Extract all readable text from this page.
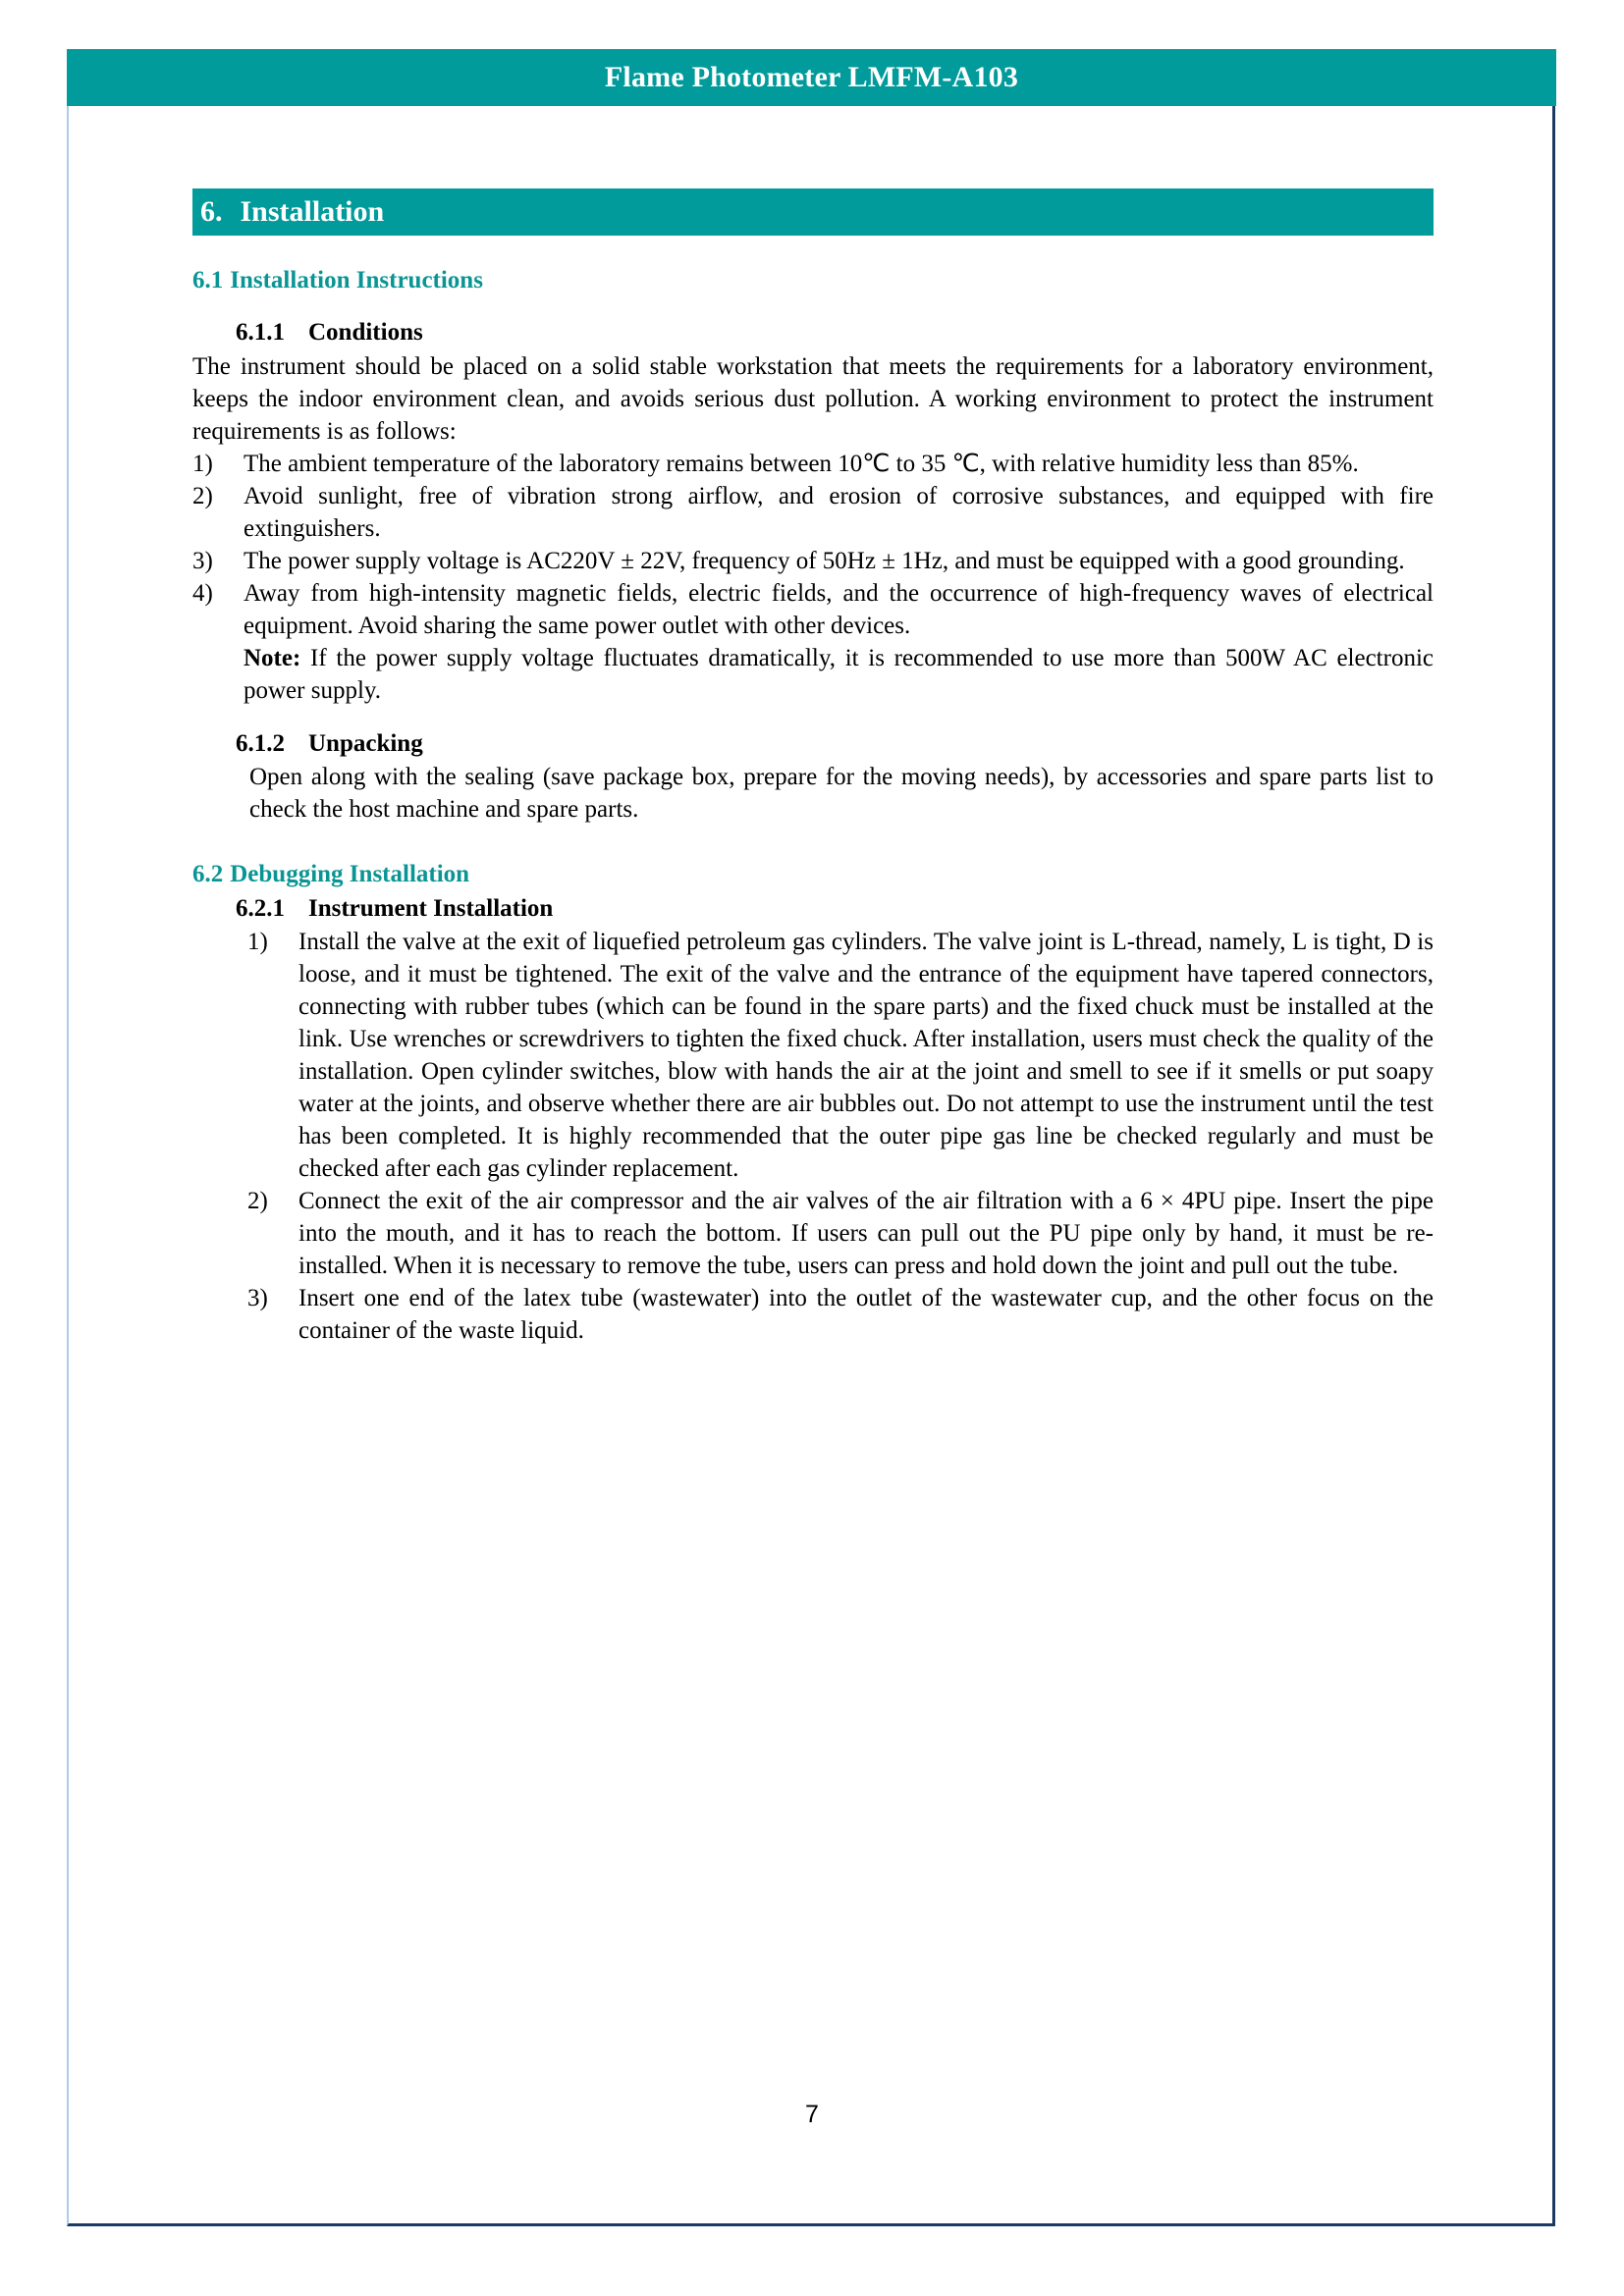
Flame Photometer LMFM-A103
6. Installation
6.1 Installation Instructions
6.1.1 Conditions

The instrument should be placed on a solid stable workstation that meets the requirements for a laboratory environment, keeps the indoor environment clean, and avoids serious dust pollution. A working environment to protect the instrument requirements is as follows:

1)	The ambient temperature of the laboratory remains between 10℃ to 35 ℃, with relative humidity less than 85%.
2)	Avoid sunlight, free of vibration strong airflow, and erosion of corrosive substances, and equipped with fire extinguishers.
3)	The power supply voltage is AC220V ± 22V, frequency of 50Hz ± 1Hz, and must be equipped with a good grounding.
4)	Away from high-intensity magnetic fields, electric fields, and the occurrence of high-frequency waves of electrical equipment. Avoid sharing the same power outlet with other devices.

Note: If the power supply voltage fluctuates dramatically, it is recommended to use more than 500W AC electronic power supply.

6.1.2 Unpacking

Open along with the sealing (save package box, prepare for the moving needs), by accessories and spare parts list to check the host machine and spare parts.

6.2 Debugging Installation
6.2.1 Instrument Installation
1)	Install the valve at the exit of liquefied petroleum gas cylinders. The valve joint is L-thread, namely, L is tight, D is loose, and it must be tightened. The exit of the valve and the entrance of the equipment have tapered connectors, connecting with rubber tubes (which can be found in the spare parts) and the fixed chuck must be installed at the link. Use wrenches or screwdrivers to tighten the fixed chuck. After installation, users must check the quality of the installation. Open cylinder switches, blow with hands the air at the joint and smell to see if it smells or put soapy water at the joints, and observe whether there are air bubbles out. Do not attempt to use the instrument until the test has been completed. It is highly recommended that the outer pipe gas line be checked regularly and must be checked after each gas cylinder replacement.
2)	Connect the exit of the air compressor and the air valves of the air filtration with a 6 × 4PU pipe. Insert the pipe into the mouth, and it has to reach the bottom. If users can pull out the PU pipe only by hand, it must be re-installed. When it is necessary to remove the tube, users can press and hold down the joint and pull out the tube.
3)	Insert one end of the latex tube (wastewater) into the outlet of the wastewater cup, and the other focus on the container of the waste liquid.
7
